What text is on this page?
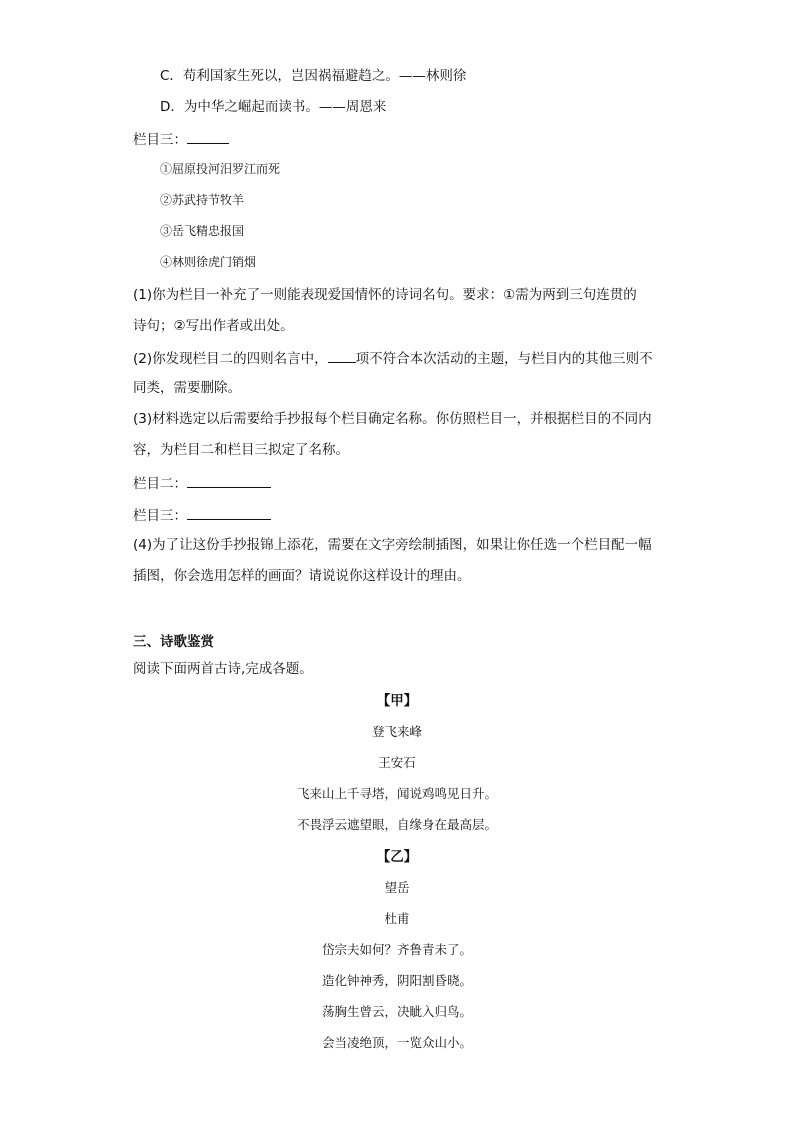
C．苟利国家生死以，岂因祸福避趋之。——林则徐
D．为中华之崛起而读书。——周恩来
栏目三：
①屈原投河汨罗江而死
②苏武持节牧羊
③岳飞精忠报国
④林则徐虎门销烟
(1)你为栏目一补充了一则能表现爱国情怀的诗词名句。要求：①需为两到三句连贯的
诗句；②写出作者或出处。
(2)你发现栏目二的四则名言中， 项不符合本次活动的主题，与栏目内的其他三则不
同类，需要删除。
(3)材料选定以后需要给手抄报每个栏目确定名称。你仿照栏目一，并根据栏目的不同内
容，为栏目二和栏目三拟定了名称。
栏目二：
栏目三：
(4)为了让这份手抄报锦上添花，需要在文字旁绘制插图，如果让你任选一个栏目配一幅
插图，你会选用怎样的画面？请说说你这样设计的理由。
三、诗歌鉴赏
阅读下面两首古诗,完成各题。
【甲】
登飞来峰
王安石
飞来山上千寻塔，闻说鸡鸣见日升。
不畏浮云遮望眼，自缘身在最高层。
【乙】
望岳
杜甫
岱宗夫如何？齐鲁青未了。
造化钟神秀，阴阳割昏晓。
荡胸生曾云，决眦入归鸟。
会当凌绝顶，一览众山小。
